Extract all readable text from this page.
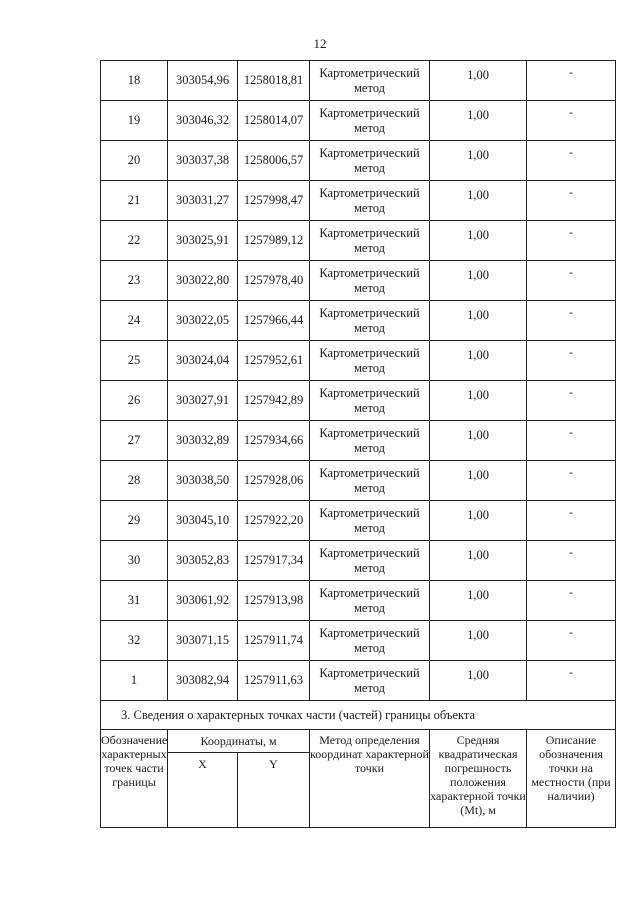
12
18	303054,96	1258018,81	Картометрический метод	1,00	-
19	303046,32	1258014,07	Картометрический метод	1,00	-
20	303037,38	1258006,57	Картометрический метод	1,00	-
21	303031,27	1257998,47	Картометрический метод	1,00	-
22	303025,91	1257989,12	Картометрический метод	1,00	-
23	303022,80	1257978,40	Картометрический метод	1,00	-
24	303022,05	1257966,44	Картометрический метод	1,00	-
25	303024,04	1257952,61	Картометрический метод	1,00	-
26	303027,91	1257942,89	Картометрический метод	1,00	-
27	303032,89	1257934,66	Картометрический метод	1,00	-
28	303038,50	1257928,06	Картометрический метод	1,00	-
29	303045,10	1257922,20	Картометрический метод	1,00	-
30	303052,83	1257917,34	Картометрический метод	1,00	-
31	303061,92	1257913,98	Картометрический метод	1,00	-
32	303071,15	1257911,74	Картометрический метод	1,00	-
1	303082,94	1257911,63	Картометрический метод	1,00	-
3. Сведения о характерных точках части (частей) границы объекта					
Обозначение характерных точек части границы	Координаты, м		Метод определения координат характерной точки	Средняя квадратическая погрешность положения характерной точки (Mt), м	Описание обозначения точки на местности (при наличии)
	X	Y			
